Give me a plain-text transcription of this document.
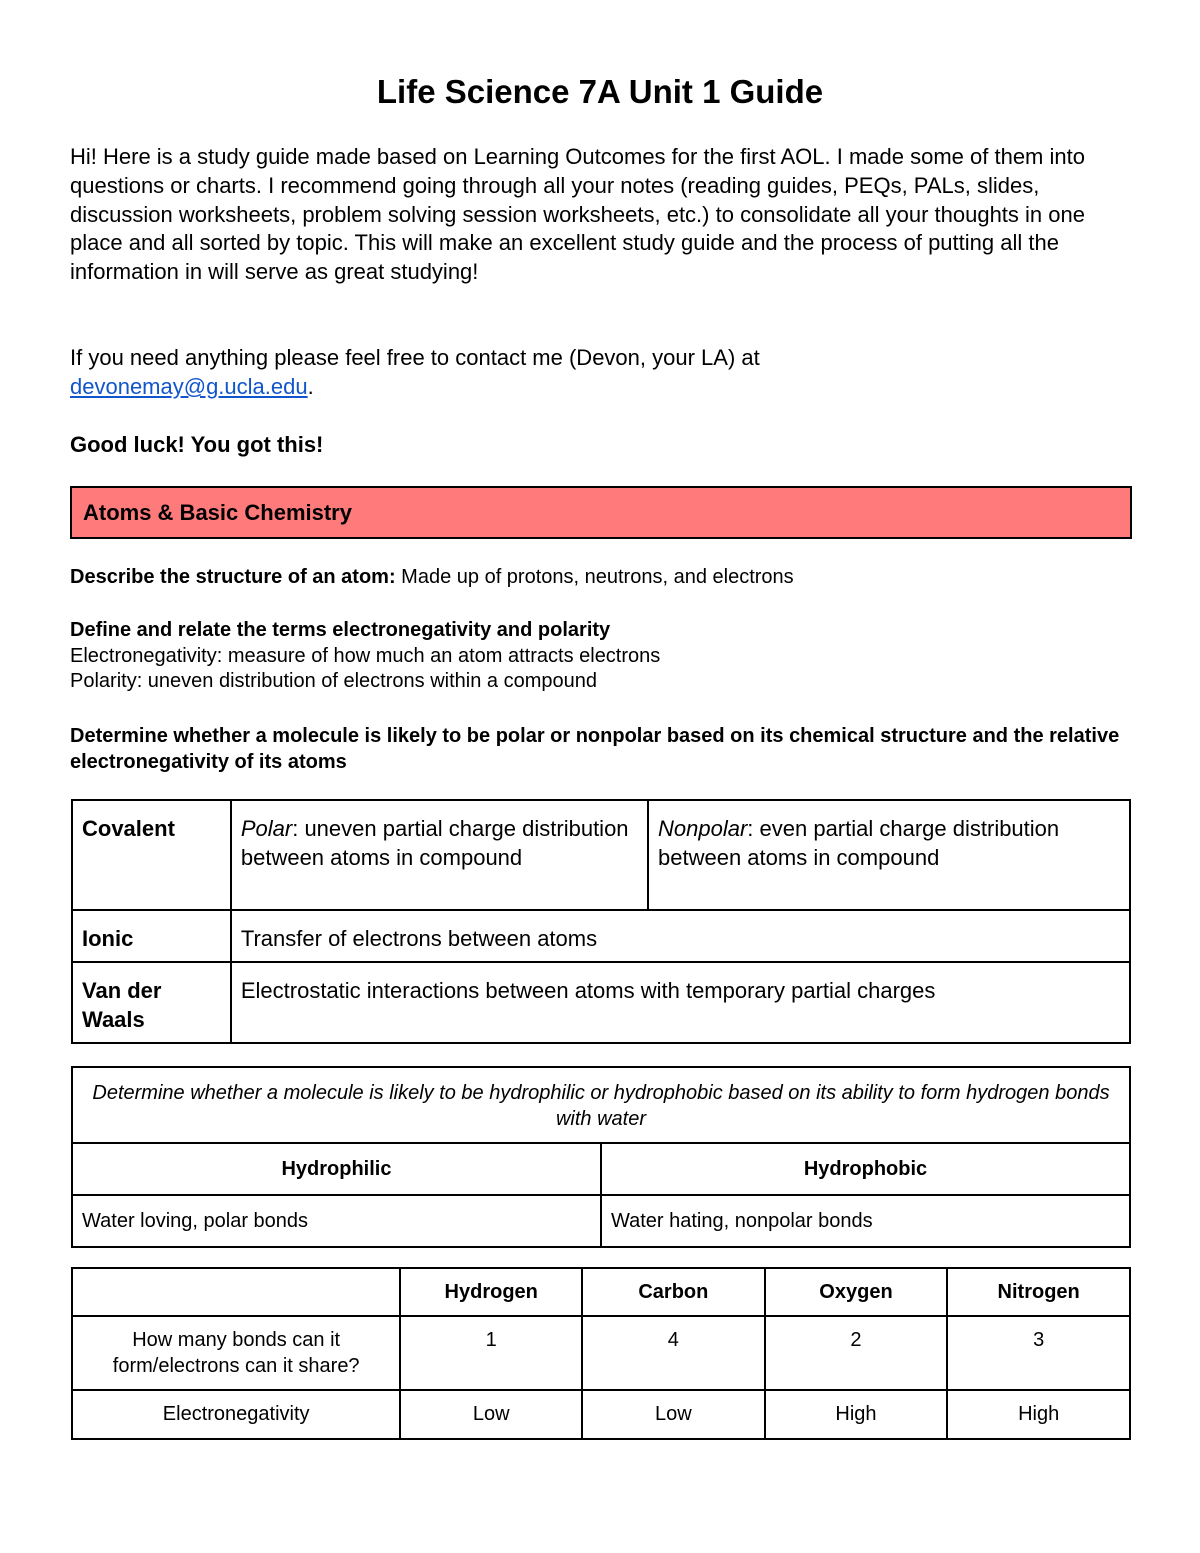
Life Science 7A Unit 1 Guide

Hi! Here is a study guide made based on Learning Outcomes for the first AOL. I made some of them into questions or charts. I recommend going through all your notes (reading guides, PEQs, PALs, slides, discussion worksheets, problem solving session worksheets, etc.) to consolidate all your thoughts in one place and all sorted by topic. This will make an excellent study guide and the process of putting all the information in will serve as great studying!

If you need anything please feel free to contact me (Devon, your LA) at
devonemay@g.ucla.edu.

Good luck! You got this!

Atoms & Basic Chemistry

Describe the structure of an atom: Made up of protons, neutrons, and electrons

Define and relate the terms electronegativity and polarity
Electronegativity: measure of how much an atom attracts electrons
Polarity: uneven distribution of electrons within a compound

Determine whether a molecule is likely to be polar or nonpolar based on its chemical structure and the relative electronegativity of its atoms

Covalent	Polar: uneven partial charge distribution between atoms in compound	Nonpolar: even partial charge distribution between atoms in compound
Ionic	Transfer of electrons between atoms	
Van der Waals	Electrostatic interactions between atoms with temporary partial charges	
Determine whether a molecule is likely to be hydrophilic or hydrophobic based on its ability to form hydrogen bonds with water	
Hydrophilic	Hydrophobic
Water loving, polar bonds	Water hating, nonpolar bonds
	Hydrogen	Carbon	Oxygen	Nitrogen
How many bonds can it form/electrons can it share?	1	4	2	3
Electronegativity	Low	Low	High	High
